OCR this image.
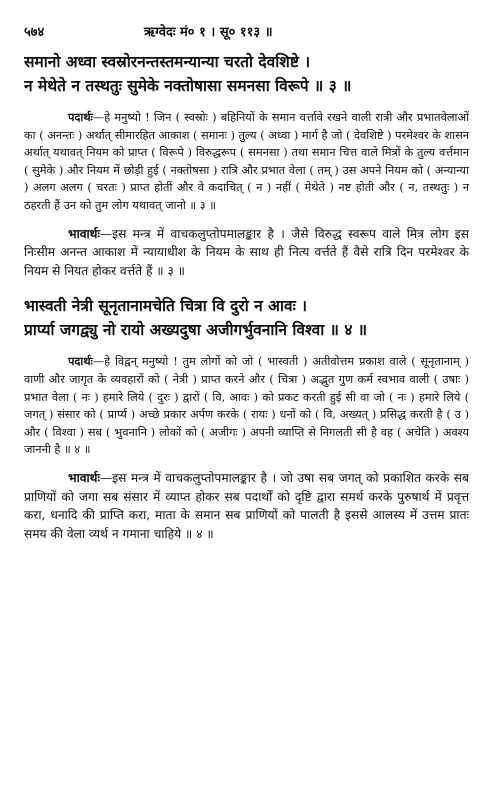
५७४	ऋग्वेदः मं० १ । सू० ११३ ॥
समानो अध्वा स्वस्रोरनन्तस्तमन्यान्या चरतो देवशिष्टे ।
न मेथेते न तस्थतुः सुमेके नक्तोषासा समनसा विरूपे ॥ ३ ॥
पदार्थः—हे मनुष्यो ! जिन ( स्वस्रोः ) बहिनियों के समान वर्त्तावे रखने वाली रात्री और प्रभातवेलाओं का ( अनन्तः ) अर्थात् सीमारहित आकाश ( समानः ) तुल्य ( अध्वा ) मार्ग है जो ( देवशिष्टे ) परमेश्वर के शासन अर्थात् यथावत् नियम को प्राप्त ( विरूपे ) विरुद्धरूप ( समनसा ) तथा समान चित्त वाले मित्रों के तुल्य वर्त्तमान ( सुमेके ) और नियम में छोड़ी हुई ( नक्तोषसा ) रात्रि और प्रभात वेला ( तम् ) उस अपने नियम को ( अन्यान्या ) अलग अलग ( चरतः ) प्राप्त होतीं और वे कदाचित् ( न ) नहीं ( मेथेते ) नष्ट होती और ( न, तस्थतुः ) न ठहरती हैं उन को तुम लोग यथावत् जानो ॥ ३ ॥
भावार्थः—इस मन्त्र में वाचकलुप्तोपमालङ्कार है । जैसे विरुद्ध स्वरूप वाले मित्र लोग इस निःसीम अनन्त आकाश में न्यायाधीश के नियम के साथ ही नित्य वर्त्तते हैं वैसे रात्रि दिन परमेश्वर के नियम से नियत होकर वर्त्तते हैं ॥ ३ ॥
भास्वती नेत्री सूनृतानामचेति चित्रा वि दुरो न आवः ।
प्रार्प्या जगद्व्यु नो रायो अख्यदुषा अजीगर्भुवनानि विश्वा ॥ ४ ॥
पदार्थः—हे विद्वन् मनुष्यो ! तुम लोगों को जो ( भास्वती ) अतीवोत्तम प्रकाश वाले ( सूनृतानाम् ) वाणी और जागृत के व्यवहारों को ( नेत्री ) प्राप्त करने और ( चित्रा ) अद्भुत गुण कर्म स्वभाव वाली ( उषाः ) प्रभात वेला ( नः ) हमारे लिये ( दुरः ) द्वारों ( वि, आवः ) को प्रकट करती हुई सी वा जो ( नः ) हमारे लिये ( जगत् ) संसार को ( प्रार्प्य ) अच्छे प्रकार अर्पण करके ( रायः ) धनों को ( वि, अख्यत् ) प्रसिद्ध करती है ( उ ) और ( विश्वा ) सब ( भुवनानि ) लोकों को ( अजीगः ) अपनी व्याप्ति से निगलती सी है वह ( अचेति ) अवश्य जाननी है ॥ ४ ॥
भावार्थः—इस मन्त्र में वाचकलुप्तोपमालङ्कार है । जो उषा सब जगत् को प्रकाशित करके सब प्राणियों को जगा सब संसार में व्याप्त होकर सब पदार्थों को दृष्टि द्वारा समर्थ करके पुरुषार्थ में प्रवृत्त करा, धनादि की प्राप्ति करा, माता के समान सब प्राणियों को पालती है इससे आलस्य में उत्तम प्रातः समय की वेला व्यर्थ न गमाना चाहिये ॥ ४ ॥
